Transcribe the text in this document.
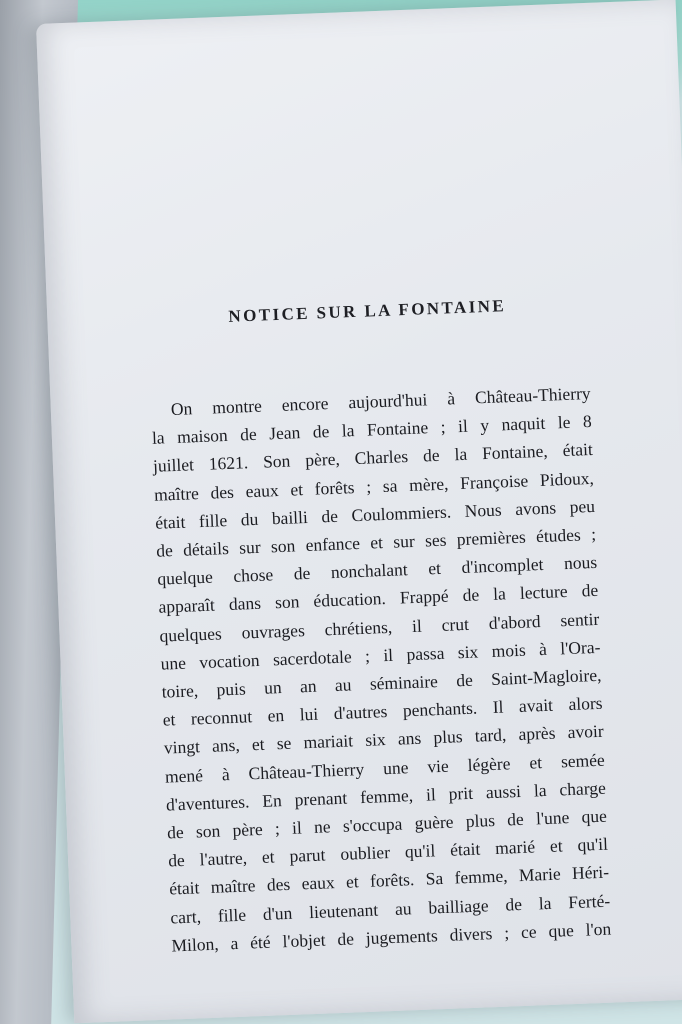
NOTICE SUR LA FONTAINE

On montre encore aujourd'hui à Château-Thierry
la maison de Jean de la Fontaine ; il y naquit le 8
juillet 1621. Son père, Charles de la Fontaine, était
maître des eaux et forêts ; sa mère, Françoise Pidoux,
était fille du bailli de Coulommiers. Nous avons peu
de détails sur son enfance et sur ses premières études ;
quelque chose de nonchalant et d'incomplet nous
apparaît dans son éducation. Frappé de la lecture de
quelques ouvrages chrétiens, il crut d'abord sentir
une vocation sacerdotale ; il passa six mois à l'Ora-
toire, puis un an au séminaire de Saint-Magloire,
et reconnut en lui d'autres penchants. Il avait alors
vingt ans, et se mariait six ans plus tard, après avoir
mené à Château-Thierry une vie légère et semée
d'aventures. En prenant femme, il prit aussi la charge
de son père ; il ne s'occupa guère plus de l'une que
de l'autre, et parut oublier qu'il était marié et qu'il
était maître des eaux et forêts. Sa femme, Marie Héri-
cart, fille d'un lieutenant au bailliage de la Ferté-
Milon, a été l'objet de jugements divers ; ce que l'on
